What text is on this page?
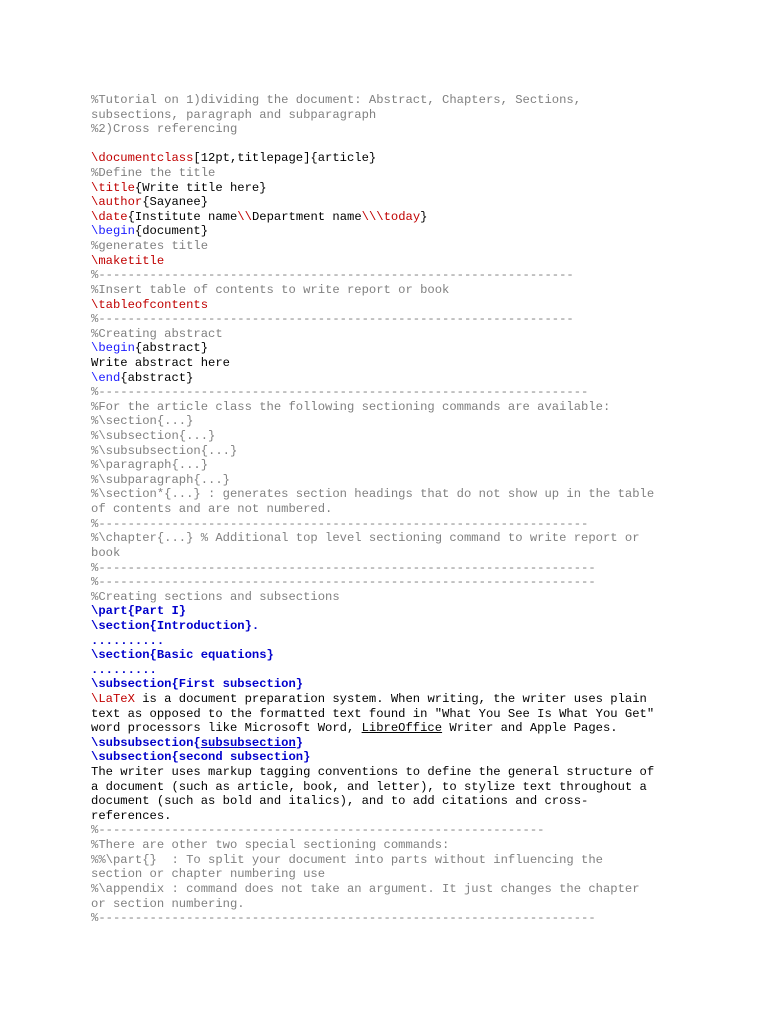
%Tutorial on 1)dividing the document: Abstract, Chapters, Sections,
subsections, paragraph and subparagraph
%2)Cross referencing
\documentclass[12pt,titlepage]{article}
%Define the title
\title{Write title here}
\author{Sayanee}
\date{Institute name\\Department name\\\today}
\begin{document}
%generates title
\maketitle
%-----------------------------------------------------------------
%Insert table of contents to write report or book
\tableofcontents
%-----------------------------------------------------------------
%Creating abstract
\begin{abstract}
Write abstract here
\end{abstract}
%-------------------------------------------------------------------
%For the article class the following sectioning commands are available:
%\section{...}
%\subsection{...}
%\subsubsection{...}
%\paragraph{...}
%\subparagraph{...}
%\section*{...} : generates section headings that do not show up in the table
of contents and are not numbered.
%-------------------------------------------------------------------
%\chapter{...} % Additional top level sectioning command to write report or
book
%--------------------------------------------------------------------
%--------------------------------------------------------------------
%Creating sections and subsections
\part{Part I}
\section{Introduction}.
..........
\section{Basic equations}
.........
\subsection{First subsection}
\LaTeX is a document preparation system. When writing, the writer uses plain
text as opposed to the formatted text found in "What You See Is What You Get"
word processors like Microsoft Word, LibreOffice Writer and Apple Pages.
\subsubsection{subsubsection}
\subsection{second subsection}
The writer uses markup tagging conventions to define the general structure of
a document (such as article, book, and letter), to stylize text throughout a
document (such as bold and italics), and to add citations and cross-
references.
%-------------------------------------------------------------
%There are other two special sectioning commands:
%%\part{}  : To split your document into parts without influencing the
section or chapter numbering use
%\appendix : command does not take an argument. It just changes the chapter
or section numbering.
%--------------------------------------------------------------------
